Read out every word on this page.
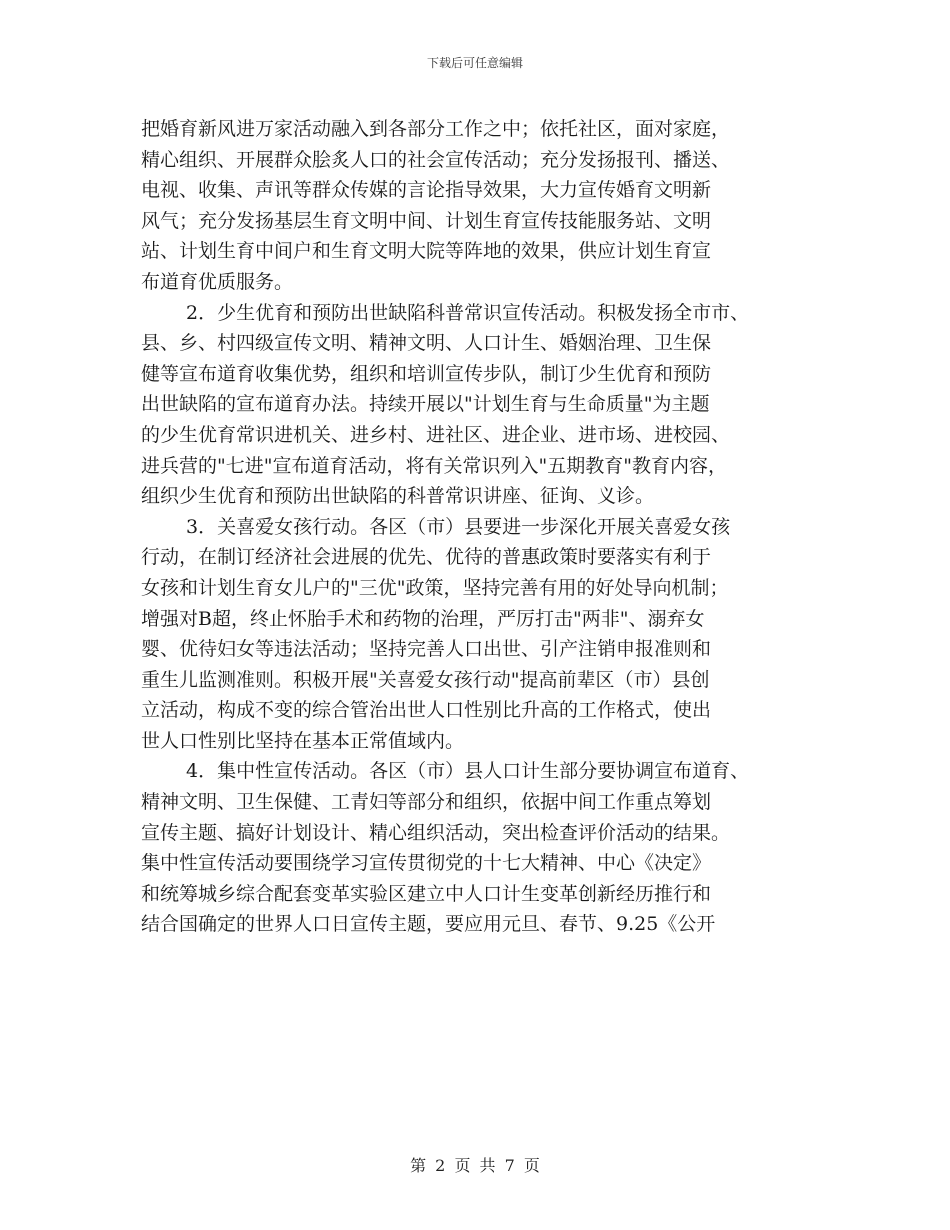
下载后可任意编辑
把婚育新风进万家活动融入到各部分工作之中；依托社区，面对家庭，
精心组织、开展群众脍炙人口的社会宣传活动；充分发扬报刊、播送、
电视、收集、声讯等群众传媒的言论指导效果，大力宣传婚育文明新
风气；充分发扬基层生育文明中间、计划生育宣传技能服务站、文明
站、计划生育中间户和生育文明大院等阵地的效果，供应计划生育宣
布道育优质服务。
2．少生优育和预防出世缺陷科普常识宣传活动。积极发扬全市市、
县、乡、村四级宣传文明、精神文明、人口计生、婚姻治理、卫生保
健等宣布道育收集优势，组织和培训宣传步队，制订少生优育和预防
出世缺陷的宣布道育办法。持续开展以"计划生育与生命质量"为主题
的少生优育常识进机关、进乡村、进社区、进企业、进市场、进校园、
进兵营的"七进"宣布道育活动，将有关常识列入"五期教育"教育内容，
组织少生优育和预防出世缺陷的科普常识讲座、征询、义诊。
3．关喜爱女孩行动。各区（市）县要进一步深化开展关喜爱女孩
行动，在制订经济社会进展的优先、优待的普惠政策时要落实有利于
女孩和计划生育女儿户的"三优"政策，坚持完善有用的好处导向机制；
增强对B超，终止怀胎手术和药物的治理，严厉打击"两非"、溺弃女
婴、优待妇女等违法活动；坚持完善人口出世、引产注销申报准则和
重生儿监测准则。积极开展"关喜爱女孩行动"提高前辈区（市）县创
立活动，构成不变的综合管治出世人口性别比升高的工作格式，使出
世人口性别比坚持在基本正常值域内。
4．集中性宣传活动。各区（市）县人口计生部分要协调宣布道育、
精神文明、卫生保健、工青妇等部分和组织，依据中间工作重点筹划
宣传主题、搞好计划设计、精心组织活动，突出检查评价活动的结果。
集中性宣传活动要围绕学习宣传贯彻党的十七大精神、中心《决定》
和统筹城乡综合配套变革实验区建立中人口计生变革创新经历推行和
结合国确定的世界人口日宣传主题，要应用元旦、春节、9.25《公开
第 2 页 共 7 页
